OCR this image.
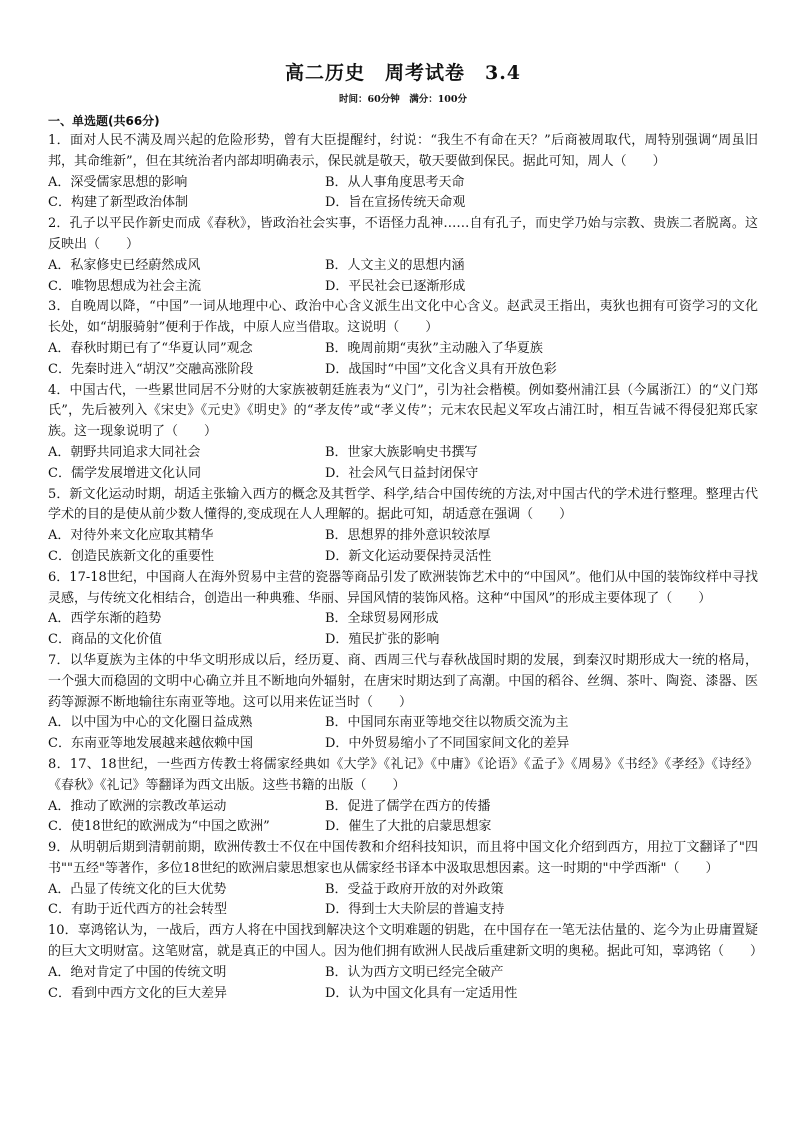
高二历史　周考试卷　3.4
时间：60分钟　满分：100分
一、单选题(共66分)
1．面对人民不满及周兴起的危险形势，曾有大臣提醒纣，纣说：“我生不有命在天？”后商被周取代，周特别强调“周虽旧邦，其命维新”，但在其统治者内部却明确表示，保民就是敬天，敬天要做到保民。据此可知，周人（　　）
A．深受儒家思想的影响	B．从人事角度思考天命
C．构建了新型政治体制	D．旨在宣扬传统天命观
2．孔子以平民作新史而成《春秋》，皆政治社会实事，不语怪力乱神……自有孔子，而史学乃始与宗教、贵族二者脱离。这反映出（　　）
A．私家修史已经蔚然成风	B．人文主义的思想内涵
C．唯物思想成为社会主流	D．平民社会已逐渐形成
3．自晚周以降，“中国”一词从地理中心、政治中心含义派生出文化中心含义。赵武灵王指出，夷狄也拥有可资学习的文化长处，如“胡服骑射”便利于作战，中原人应当借取。这说明（　　）
A．春秋时期已有了“华夏认同”观念	B．晚周前期“夷狄”主动融入了华夏族
C．先秦时进入“胡汉”交融高涨阶段	D．战国时“中国”文化含义具有开放色彩
4．中国古代，一些累世同居不分财的大家族被朝廷旌表为“义门”，引为社会楷模。例如婺州浦江县（今属浙江）的“义门郑氏”，先后被列入《宋史》《元史》《明史》的“孝友传”或“孝义传”；元末农民起义军攻占浦江时，相互告诫不得侵犯郑氏家族。这一现象说明了（　　）
A．朝野共同追求大同社会	B．世家大族影响史书撰写
C．儒学发展增进文化认同	D．社会风气日益封闭保守
5．新文化运动时期，胡适主张输入西方的概念及其哲学、科学,结合中国传统的方法,对中国古代的学术进行整理。整理古代学术的目的是使从前少数人懂得的,变成现在人人理解的。据此可知，胡适意在强调（　　）
A．对待外来文化应取其精华	B．思想界的排外意识较浓厚
C．创造民族新文化的重要性	D．新文化运动要保持灵活性
6．17-18世纪，中国商人在海外贸易中主营的瓷器等商品引发了欧洲装饰艺术中的“中国风”。他们从中国的装饰纹样中寻找灵感，与传统文化相结合，创造出一种典雅、华丽、异国风情的装饰风格。这种“中国风”的形成主要体现了（　　）
A．西学东渐的趋势	B．全球贸易网形成
C．商品的文化价值	D．殖民扩张的影响
7．以华夏族为主体的中华文明形成以后，经历夏、商、西周三代与春秋战国时期的发展，到秦汉时期形成大一统的格局，一个强大而稳固的文明中心确立并且不断地向外辐射，在唐宋时期达到了高潮。中国的稻谷、丝绸、茶叶、陶瓷、漆器、医药等源源不断地输往东南亚等地。这可以用来佐证当时（　　）
A．以中国为中心的文化圈日益成熟	B．中国同东南亚等地交往以物质交流为主
C．东南亚等地发展越来越依赖中国	D．中外贸易缩小了不同国家间文化的差异
8．17、18世纪，一些西方传教士将儒家经典如《大学》《礼记》《中庸》《论语》《孟子》《周易》《书经》《孝经》《诗经》《春秋》《礼记》等翻译为西文出版。这些书籍的出版（　　）
A．推动了欧洲的宗教改革运动	B．促进了儒学在西方的传播
C．使18世纪的欧洲成为“中国之欧洲”	D．催生了大批的启蒙思想家
9．从明朝后期到清朝前期，欧洲传教士不仅在中国传教和介绍科技知识，而且将中国文化介绍到西方，用拉丁文翻译了"四书""五经"等著作，多位18世纪的欧洲启蒙思想家也从儒家经书译本中汲取思想因素。这一时期的"中学西渐"（　　）
A．凸显了传统文化的巨大优势	B．受益于政府开放的对外政策
C．有助于近代西方的社会转型	D．得到士大夫阶层的普遍支持
10．辜鸿铭认为，一战后，西方人将在中国找到解决这个文明难题的钥匙，在中国存在一笔无法估量的、迄今为止毋庸置疑的巨大文明财富。这笔财富，就是真正的中国人。因为他们拥有欧洲人民战后重建新文明的奥秘。据此可知，辜鸿铭（　　）
A．绝对肯定了中国的传统文明	B．认为西方文明已经完全破产
C．看到中西方文化的巨大差异	D．认为中国文化具有一定适用性
